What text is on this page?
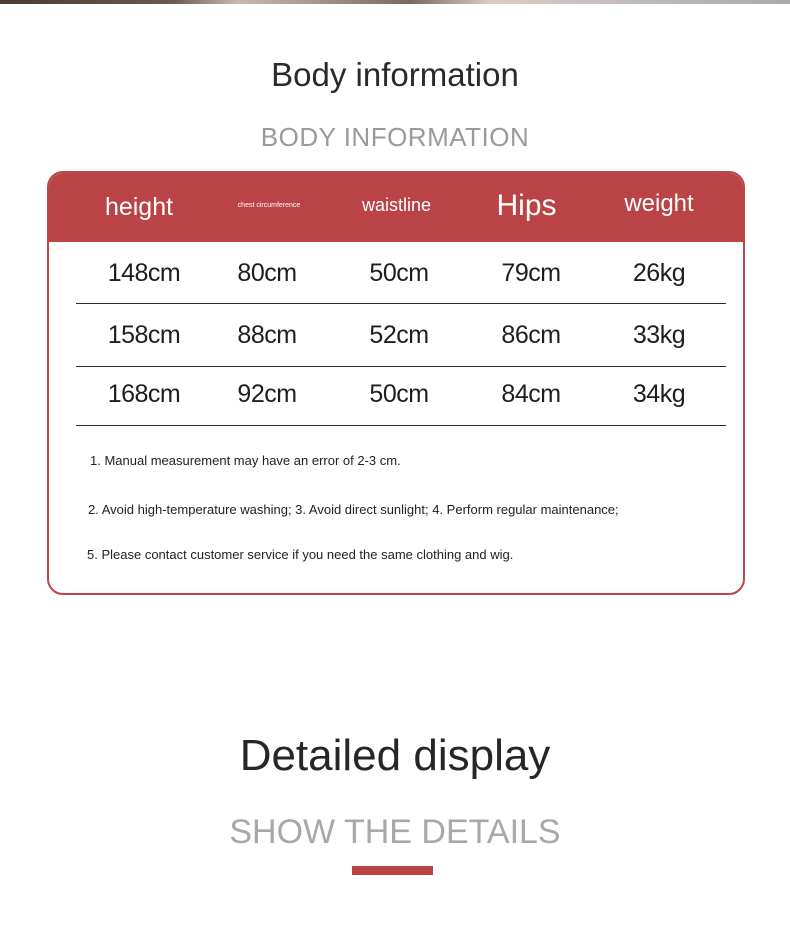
Body information
BODY INFORMATION
height	chest circumference	waistline	Hips	weight
148cm	80cm	50cm	79cm	26kg
158cm	88cm	52cm	86cm	33kg
168cm	92cm	50cm	84cm	34kg
1. Manual measurement may have an error of 2-3 cm.
2. Avoid high-temperature washing; 3. Avoid direct sunlight; 4. Perform regular maintenance;
5. Please contact customer service if you need the same clothing and wig.
Detailed display
SHOW THE DETAILS
